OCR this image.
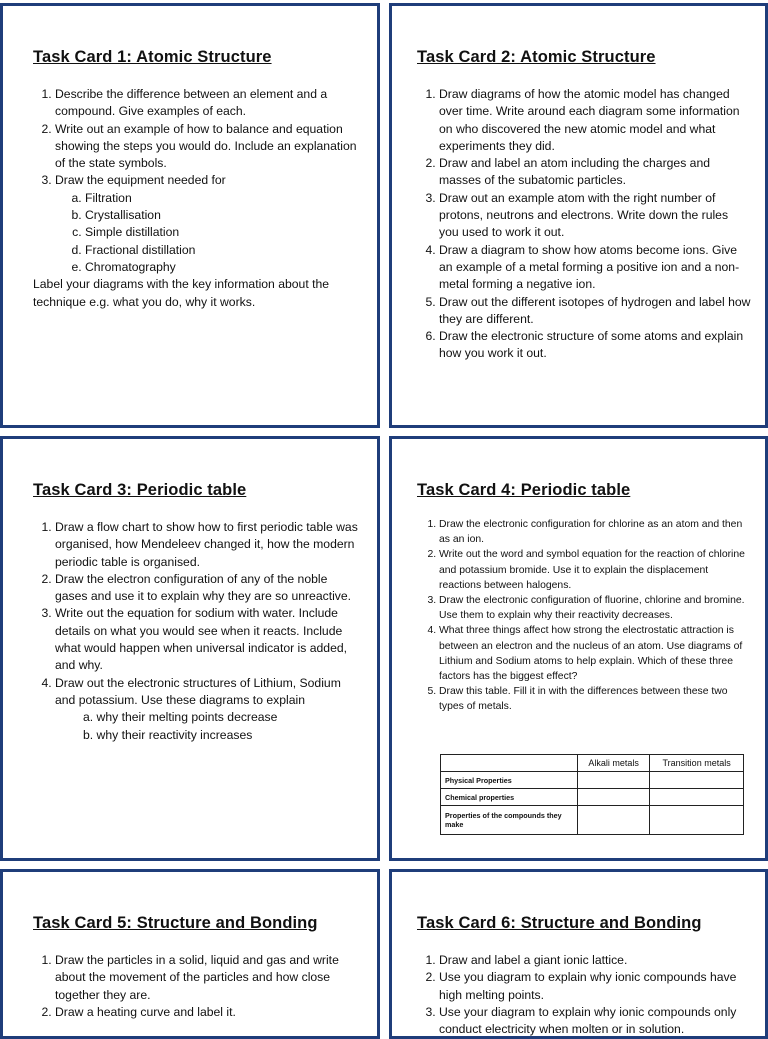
Task Card 1: Atomic Structure

1. Describe the difference between an element and a compound. Give examples of each.
2. Write out an example of how to balance and equation showing the steps you would do. Include an explanation of the state symbols.
3. Draw the equipment needed for
a. Filtration
b. Crystallisation
c. Simple distillation
d. Fractional distillation
e. Chromatography

Label your diagrams with the key information about the technique e.g. what you do, why it works.

Task Card 2: Atomic Structure

1. Draw diagrams of how the atomic model has changed over time. Write around each diagram some information on who discovered the new atomic model and what experiments they did.
2. Draw and label an atom including the charges and masses of the subatomic particles.
3. Draw out an example atom with the right number of protons, neutrons and electrons. Write down the rules you used to work it out.
4. Draw a diagram to show how atoms become ions. Give an example of a metal forming a positive ion and a non-metal forming a negative ion.
5. Draw out the different isotopes of hydrogen and label how they are different.
6. Draw the electronic structure of some atoms and explain how you work it out.

Task Card 3: Periodic table

1. Draw a flow chart to show how to first periodic table was organised, how Mendeleev changed it, how the modern periodic table is organised.
2. Draw the electron configuration of any of the noble gases and use it to explain why they are so unreactive.
3. Write out the equation for sodium with water. Include details on what you would see when it reacts. Include what would happen when universal indicator is added, and why.
4. Draw out the electronic structures of Lithium, Sodium and potassium. Use these diagrams to explain

a. why their melting points decrease

b. why their reactivity increases

Task Card 4: Periodic table

1. Draw the electronic configuration for chlorine as an atom and then as an ion.
2. Write out the word and symbol equation for the reaction of chlorine and potassium bromide. Use it to explain the displacement reactions between halogens.
3. Draw the electronic configuration of fluorine, chlorine and bromine. Use them to explain why their reactivity decreases.
4. What three things affect how strong the electrostatic attraction is between an electron and the nucleus of an atom. Use diagrams of Lithium and Sodium atoms to help explain. Which of these three factors has the biggest effect?
5. Draw this table. Fill it in with the differences between these two types of metals.
	Alkali metals	Transition metals
Physical Properties		
Chemical properties		
Properties of the compounds they make		

Task Card 5: Structure and Bonding

1. Draw the particles in a solid, liquid and gas and write about the movement of the particles and how close together they are.
2. Draw a heating curve and label it.

Task Card 6: Structure and Bonding

1. Draw and label a giant ionic lattice.
2. Use you diagram to explain why ionic compounds have high melting points.
3. Use your diagram to explain why ionic compounds only conduct electricity when molten or in solution.
